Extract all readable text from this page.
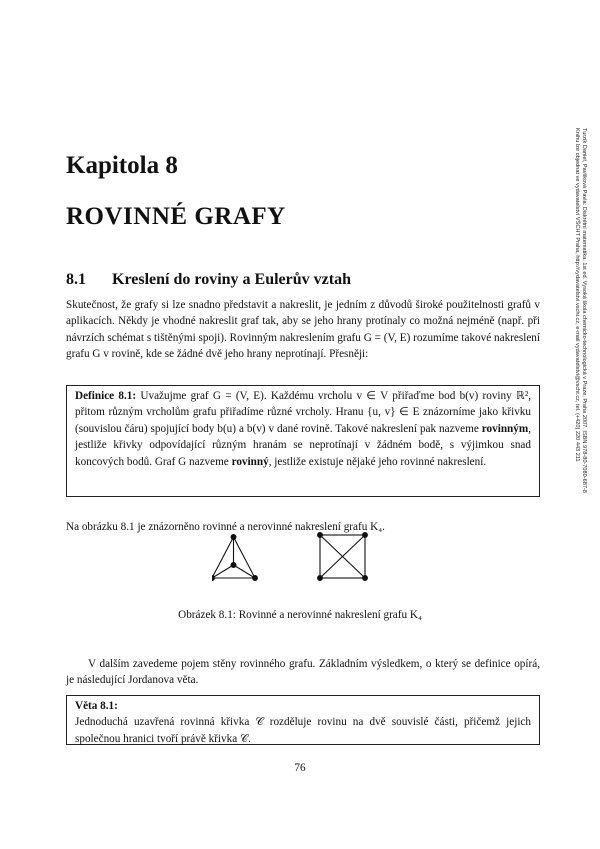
Turzík Daniel, Pavlíková Pavla: Diskrétní matematika. 1st ed. Vysoká škola chemicko-technologická v Praze, Praha 2007. ISBN 978-80-7080-687-8
Knihu lze objednat ve vydavatelství VŠCHT Praha, http://vydavatelstvi.vscht.cz, e-mail vydavatelstvi@vscht.cz, tel. (+420) 220 443 211
Kapitola 8
ROVINNÉ GRAFY
8.1 Kreslení do roviny a Eulerův vztah
Skutečnost, že grafy si lze snadno představit a nakreslit, je jedním z důvodů široké použitelnosti grafů v aplikacích. Někdy je vhodné nakreslit graf tak, aby se jeho hrany protínaly co možná nejméně (např. při návrzích schémat s tištěnými spoji). Rovinným nakreslením grafu G = (V, E) rozumíme takové nakreslení grafu G v rovině, kde se žádné dvě jeho hrany neprotínají. Přesněji:
Definice 8.1: Uvažujme graf G = (V, E). Každému vrcholu v ∈ V přiřaďme bod b(v) roviny ℝ², přitom různým vrcholům grafu přiřadíme různé vrcholy. Hranu {u, v} ∈ E znázorníme jako křivku (souvislou čáru) spojující body b(u) a b(v) v dané rovině. Takové nakreslení pak nazveme rovinným, jestliže křivky odpovídající různým hranám se neprotínají v žádném bodě, s výjimkou snad koncových bodů. Graf G nazveme rovinný, jestliže existuje nějaké jeho rovinné nakreslení.
Na obrázku 8.1 je znázorněno rovinné a nerovinné nakreslení grafu K₄.
Obrázek 8.1: Rovinné a nerovinné nakreslení grafu K₄
V dalším zavedeme pojem stěny rovinného grafu. Základním výsledkem, o který se definice opírá, je následující Jordanova věta.
Věta 8.1:
Jednoduchá uzavřená rovinná křivka 𝒞 rozděluje rovinu na dvě souvislé části, přičemž jejich společnou hranici tvoří právě křivka 𝒞.
76
